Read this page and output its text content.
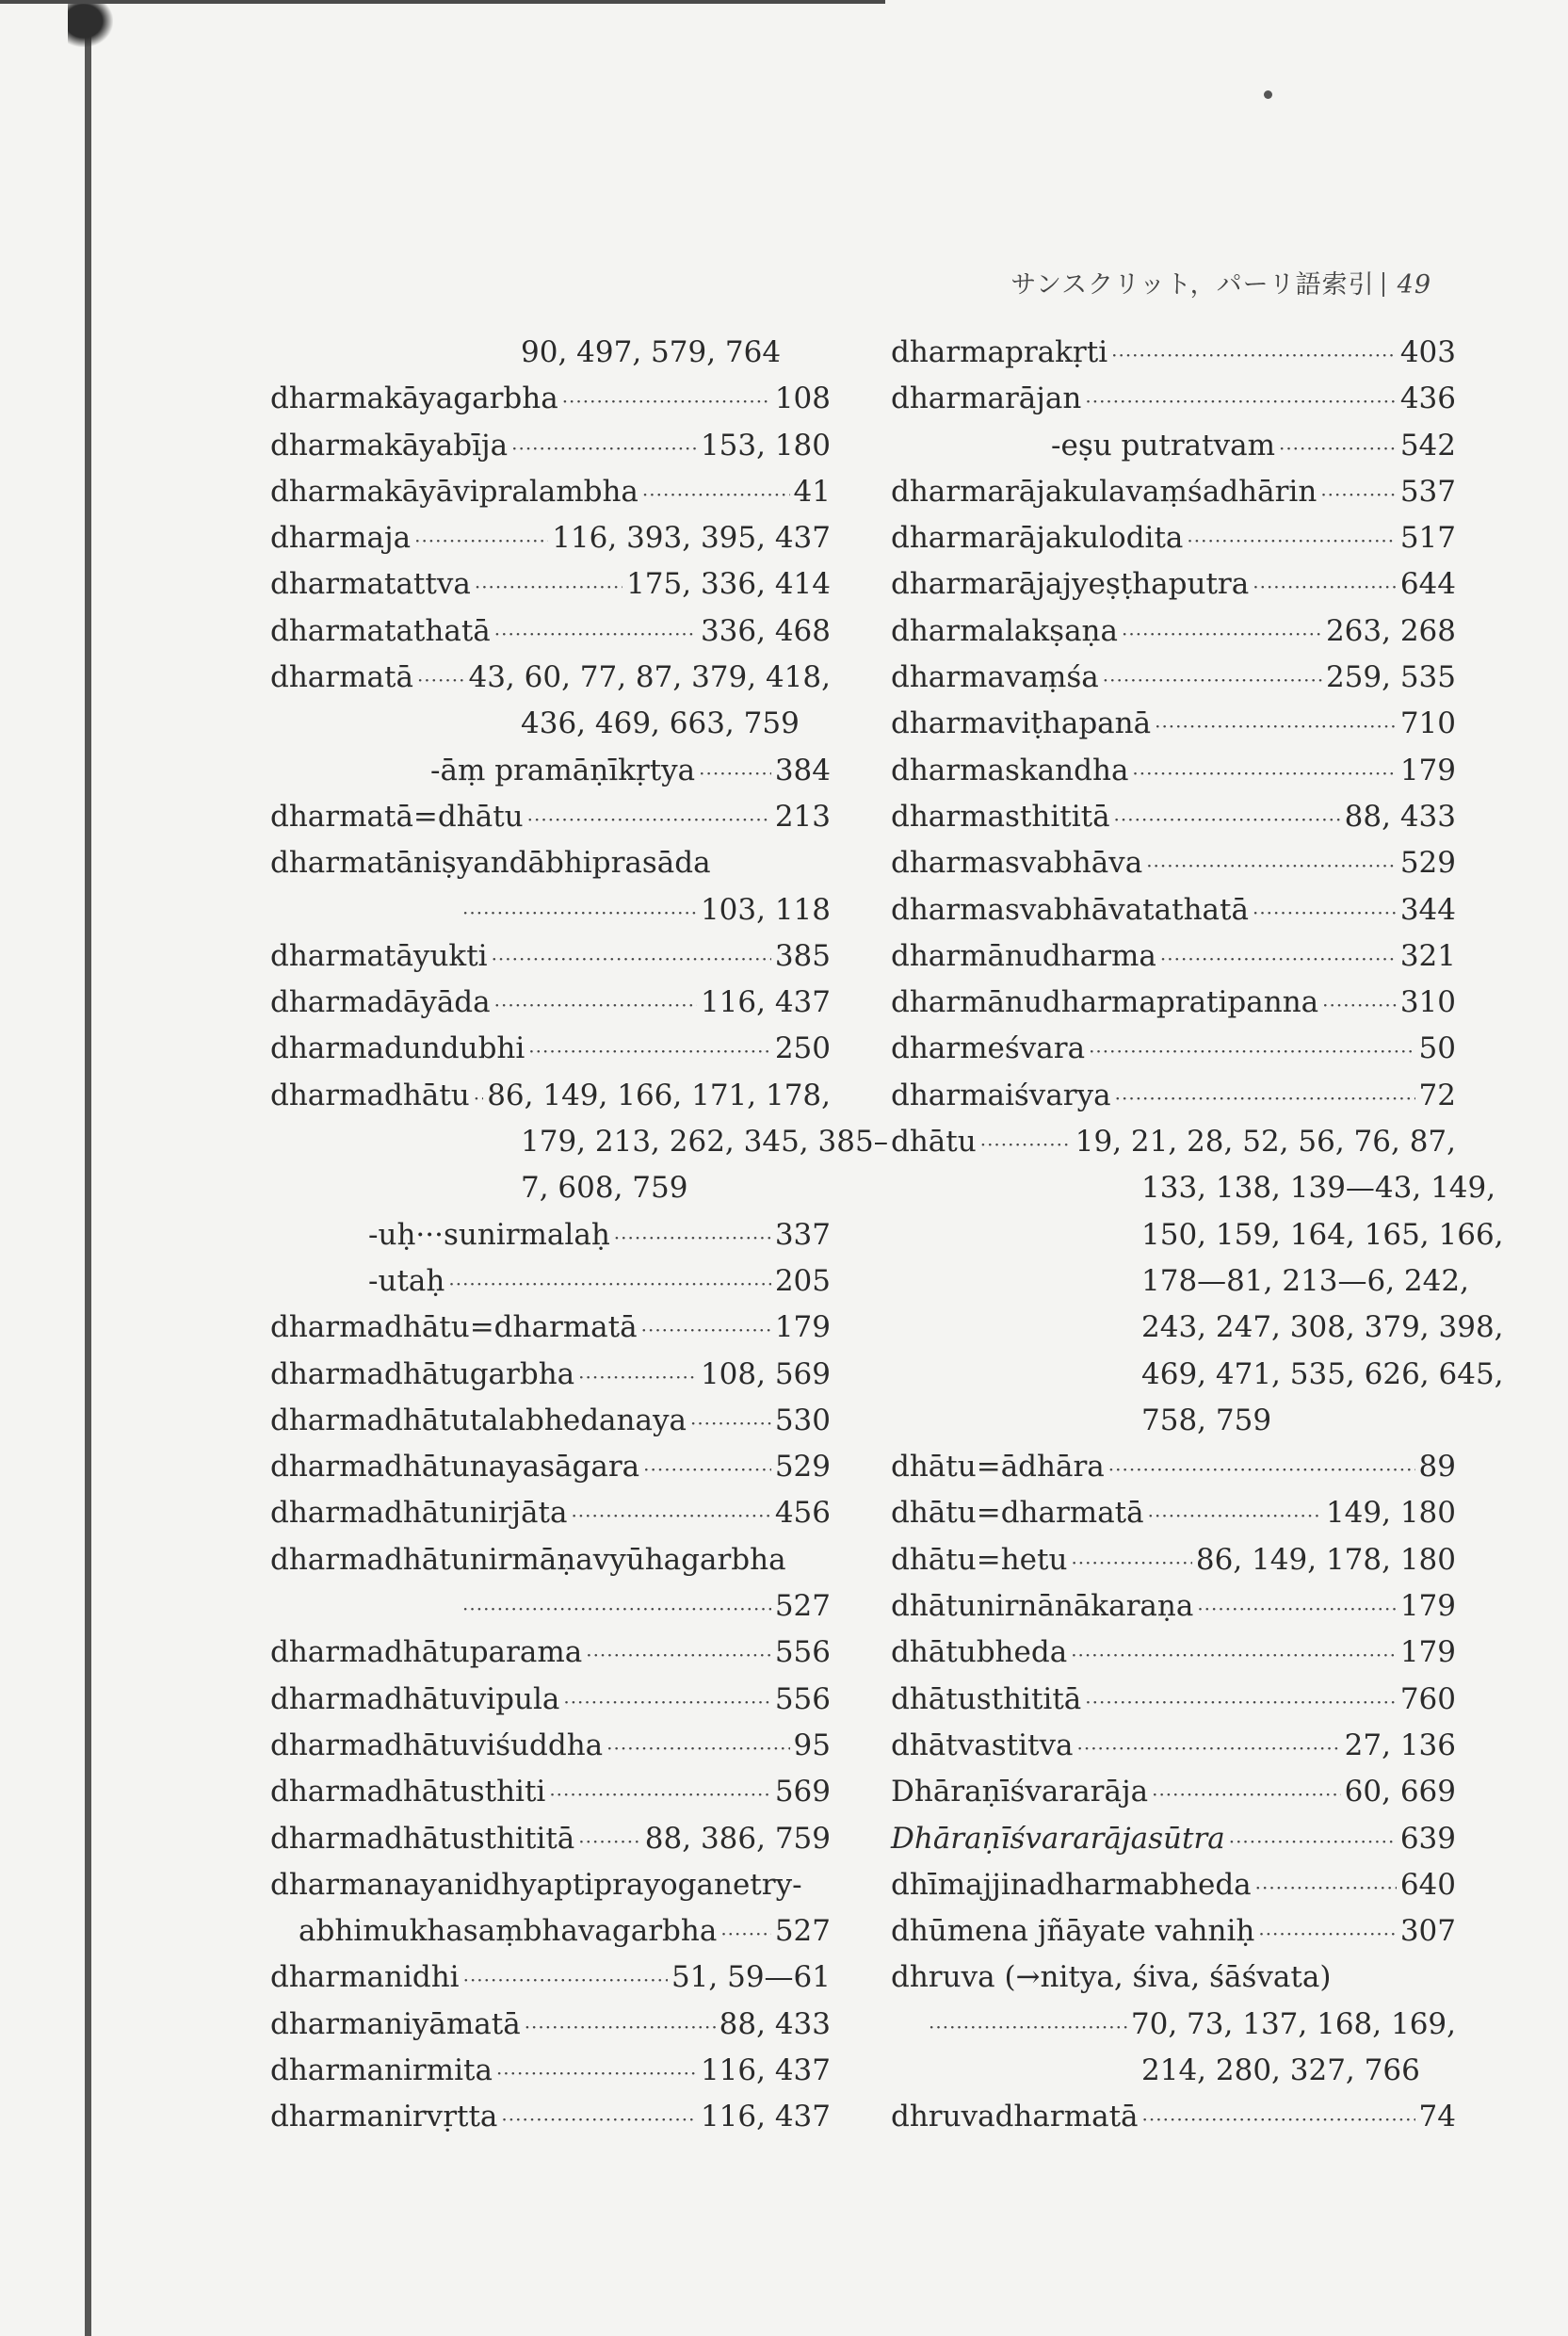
サンスクリット，パーリ語索引 49
90, 497, 579, 764
dharmakāyagarbha ·····	108
dharmakāyabīja ·····	153, 180
dharmakāyāvipralambha ·····	41
dharmaja ·····	116, 393, 395, 437
dharmatattva ·····	175, 336, 414
dharmatathatā ·····	336, 468
dharmatā ····· 43, 60, 77, 87, 379, 418,
436, 469, 663, 759
-āṃ pramāṇīkṛtya ·····	384
dharmatā=dhātu ·····	213
dharmatāniṣyandābhiprasāda
·····
103, 118
dharmatāyukti ·····	385
dharmadāyāda ·····	116, 437
dharmadundubhi ·····	250
dharmadhātu ····· 86, 149, 166, 171, 178,
179, 213, 262, 345, 385–
7, 608, 759
-uḥ···sunirmalaḥ ·····	337
-utaḥ ·····	205
dharmadhātu=dharmatā ·····	179
dharmadhātugarbha ·····	108, 569
dharmadhātutalabhedanaya ·····	530
dharmadhātunayasāgara ·····	529
dharmadhātunirjāta ·····	456
dharmadhātunirmāṇavyūhagarbha
·····
527
dharmadhātuparama ·····	556
dharmadhātuvipula ·····	556
dharmadhātuviśuddha ·····	95
dharmadhātusthiti ·····	569
dharmadhātusthititā ····· 88, 386, 759
dharmanayanidhyaptiprayoganetry-
abhimukhasaṃbhavagarbha ····· 527
dharmanidhi ·····	51, 59—61
dharmaniyāmatā ·····	88, 433
dharmanirmita ·····	116, 437
dharmanirvṛtta ·····	116, 437
dharmaprakṛti ·····	403
dharmarājan ·····	436
-eṣu putratvam ·····	542
dharmarājakulavaṃśadhārin ·····	537
dharmarājakulodita ·····	517
dharmarājajyeṣṭhaputra ·····	644
dharmalakṣaṇa ·····	263, 268
dharmavaṃśa ·····	259, 535
dharmaviṭhapanā ·····	710
dharmaskandha ·····	179
dharmasthititā ·····	88, 433
dharmasvabhāva ·····	529
dharmasvabhāvatathatā ·····	344
dharmānudharma ·····	321
dharmānudharmapratipanna ·····	310
dharmeśvara ·····	50
dharmaiśvarya ·····	72
dhātu ·····	19, 21, 28, 52, 56, 76, 87,
133, 138, 139—43, 149,
150, 159, 164, 165, 166,
178—81, 213—6, 242,
243, 247, 308, 379, 398,
469, 471, 535, 626, 645,
758, 759
dhātu=ādhāra ·····	89
dhātu=dharmatā ·····	149, 180
dhātu=hetu ·····	86, 149, 178, 180
dhātunirnānākaraṇa ·····	179
dhātubheda ·····	179
dhātusthititā ·····	760
dhātvastitva ·····	27, 136
Dhāraṇīśvararāja ·····	60, 669
Dhāraṇīśvararājasūtra ·····	639
dhīmajjinadharmabheda ·····	640
dhūmena jñāyate vahniḥ ·····	307
dhruva (→nitya, śiva, śāśvata)
·····
70, 73, 137, 168, 169,
214, 280, 327, 766
dhruvadharmatā ·····	74
